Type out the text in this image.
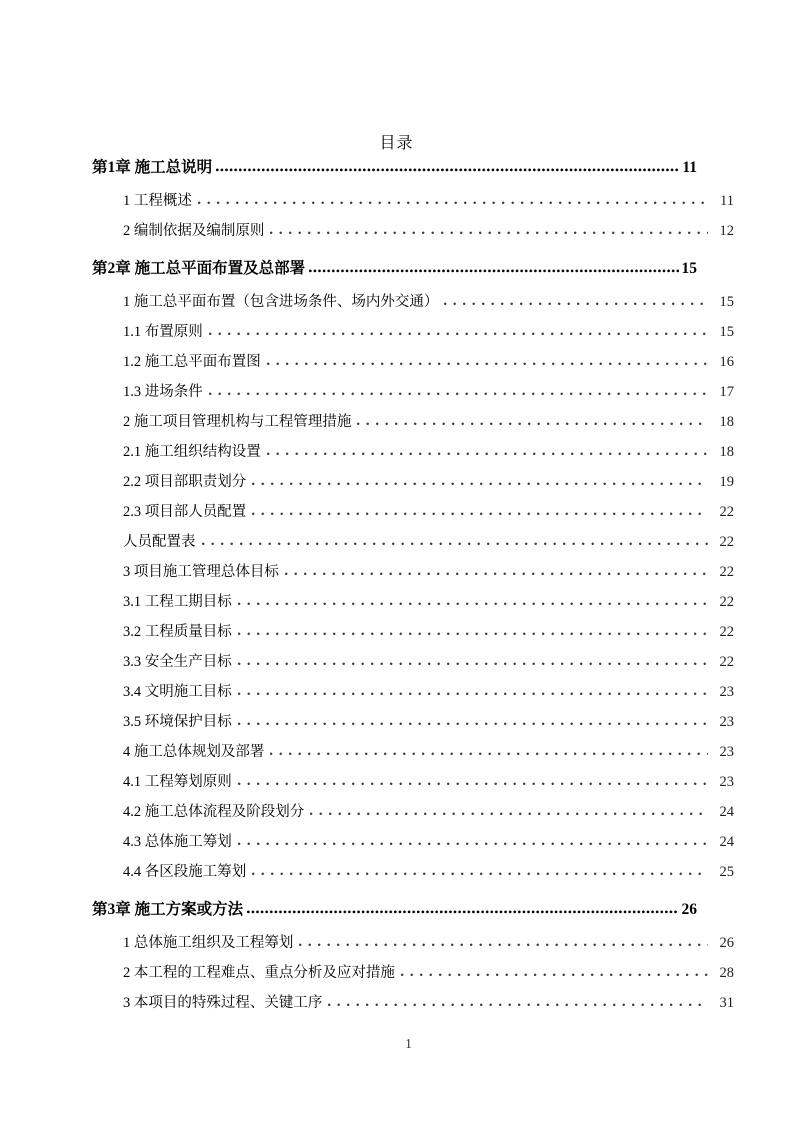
目录
第1章 施工总说明	11
1 工程概述	11
2 编制依据及编制原则	12
第2章 施工总平面布置及总部署	15
1 施工总平面布置（包含进场条件、场内外交通）	15
1.1 布置原则	15
1.2 施工总平面布置图	16
1.3 进场条件	17
2 施工项目管理机构与工程管理措施	18
2.1 施工组织结构设置	18
2.2 项目部职责划分	19
2.3 项目部人员配置	22
人员配置表	22
3 项目施工管理总体目标	22
3.1 工程工期目标	22
3.2 工程质量目标	22
3.3 安全生产目标	22
3.4 文明施工目标	23
3.5 环境保护目标	23
4 施工总体规划及部署	23
4.1 工程筹划原则	23
4.2 施工总体流程及阶段划分	24
4.3 总体施工筹划	24
4.4 各区段施工筹划	25
第3章 施工方案或方法	26
1 总体施工组织及工程筹划	26
2 本工程的工程难点、重点分析及应对措施	28
3 本项目的特殊过程、关键工序	31
1
